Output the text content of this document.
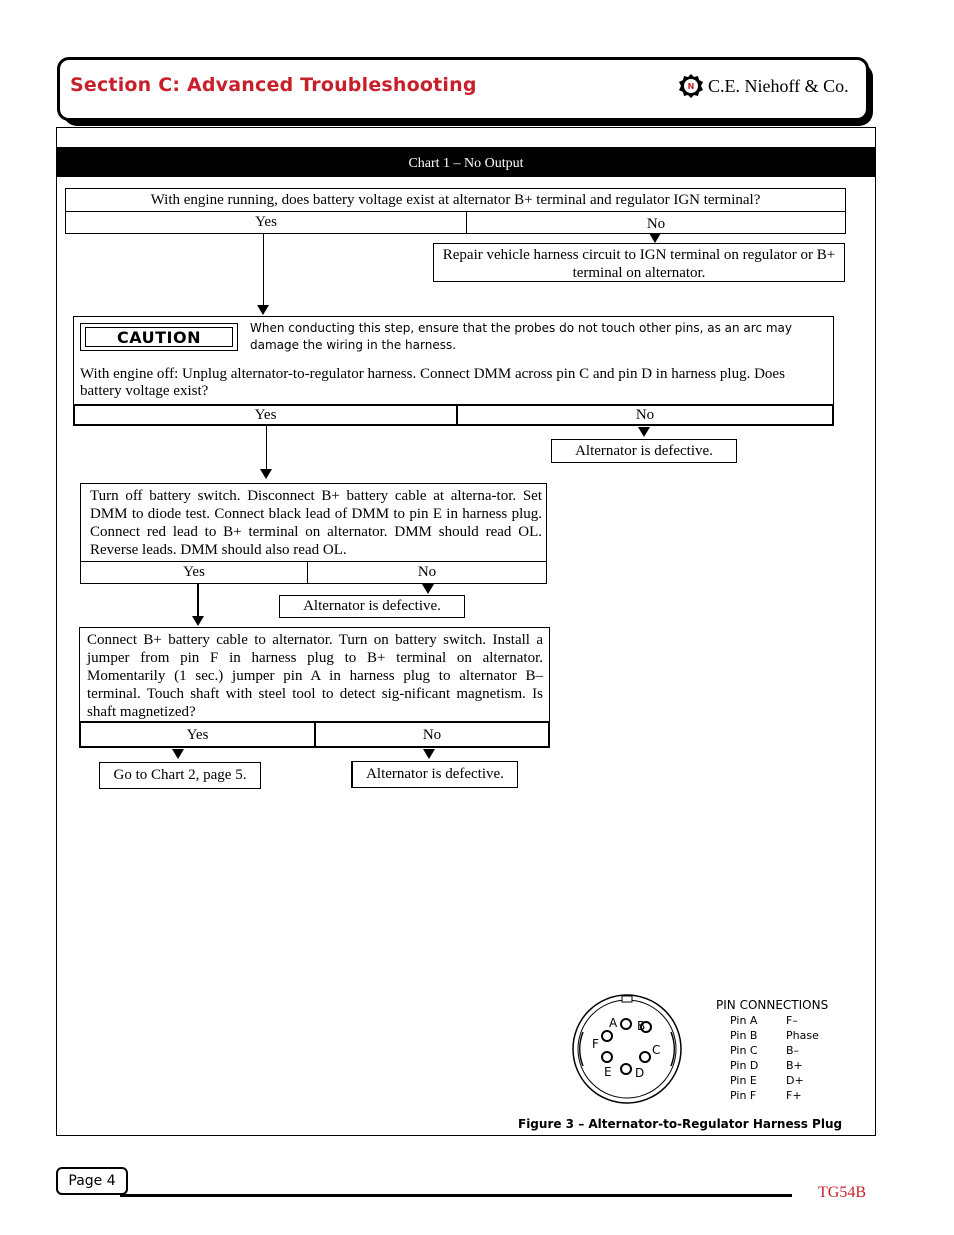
Section C: Advanced Troubleshooting	N C.E. Niehoff & Co.
Chart 1 – No Output
With engine running, does battery voltage exist at alternator B+ terminal and regulator IGN terminal?
Yes	No
Repair vehicle harness circuit to IGN terminal on regulator or B+ terminal on alternator.
CAUTION	When conducting this step, ensure that the probes do not touch other pins, as an arc may damage the wiring in the harness.
With engine off: Unplug alternator-to-regulator harness. Connect DMM across pin C and pin D in harness plug. Does battery voltage exist?
Yes	No
Alternator is defective.
Turn off battery switch. Disconnect B+ battery cable at alterna-tor. Set DMM to diode test. Connect black lead of DMM to pin E in harness plug. Connect red lead to B+ terminal on alternator. DMM should read OL. Reverse leads. DMM should also read OL.
Yes	No
Alternator is defective.
Connect B+ battery cable to alternator. Turn on battery switch. Install a jumper from pin F in harness plug to B+ terminal on alternator. Momentarily (1 sec.) jumper pin A in harness plug to alternator B– terminal. Touch shaft with steel tool to detect sig-nificant magnetism. Is shaft magnetized?
Yes	No
Go to Chart 2, page 5.	Alternator is defective.
A B
C
D
E
F
PIN CONNECTIONS
Pin A	F–
Pin B	Phase
Pin C	B–
Pin D	B+
Pin E	D+
Pin F	F+
Figure 3 – Alternator-to-Regulator Harness Plug
Page 4
TG54B
